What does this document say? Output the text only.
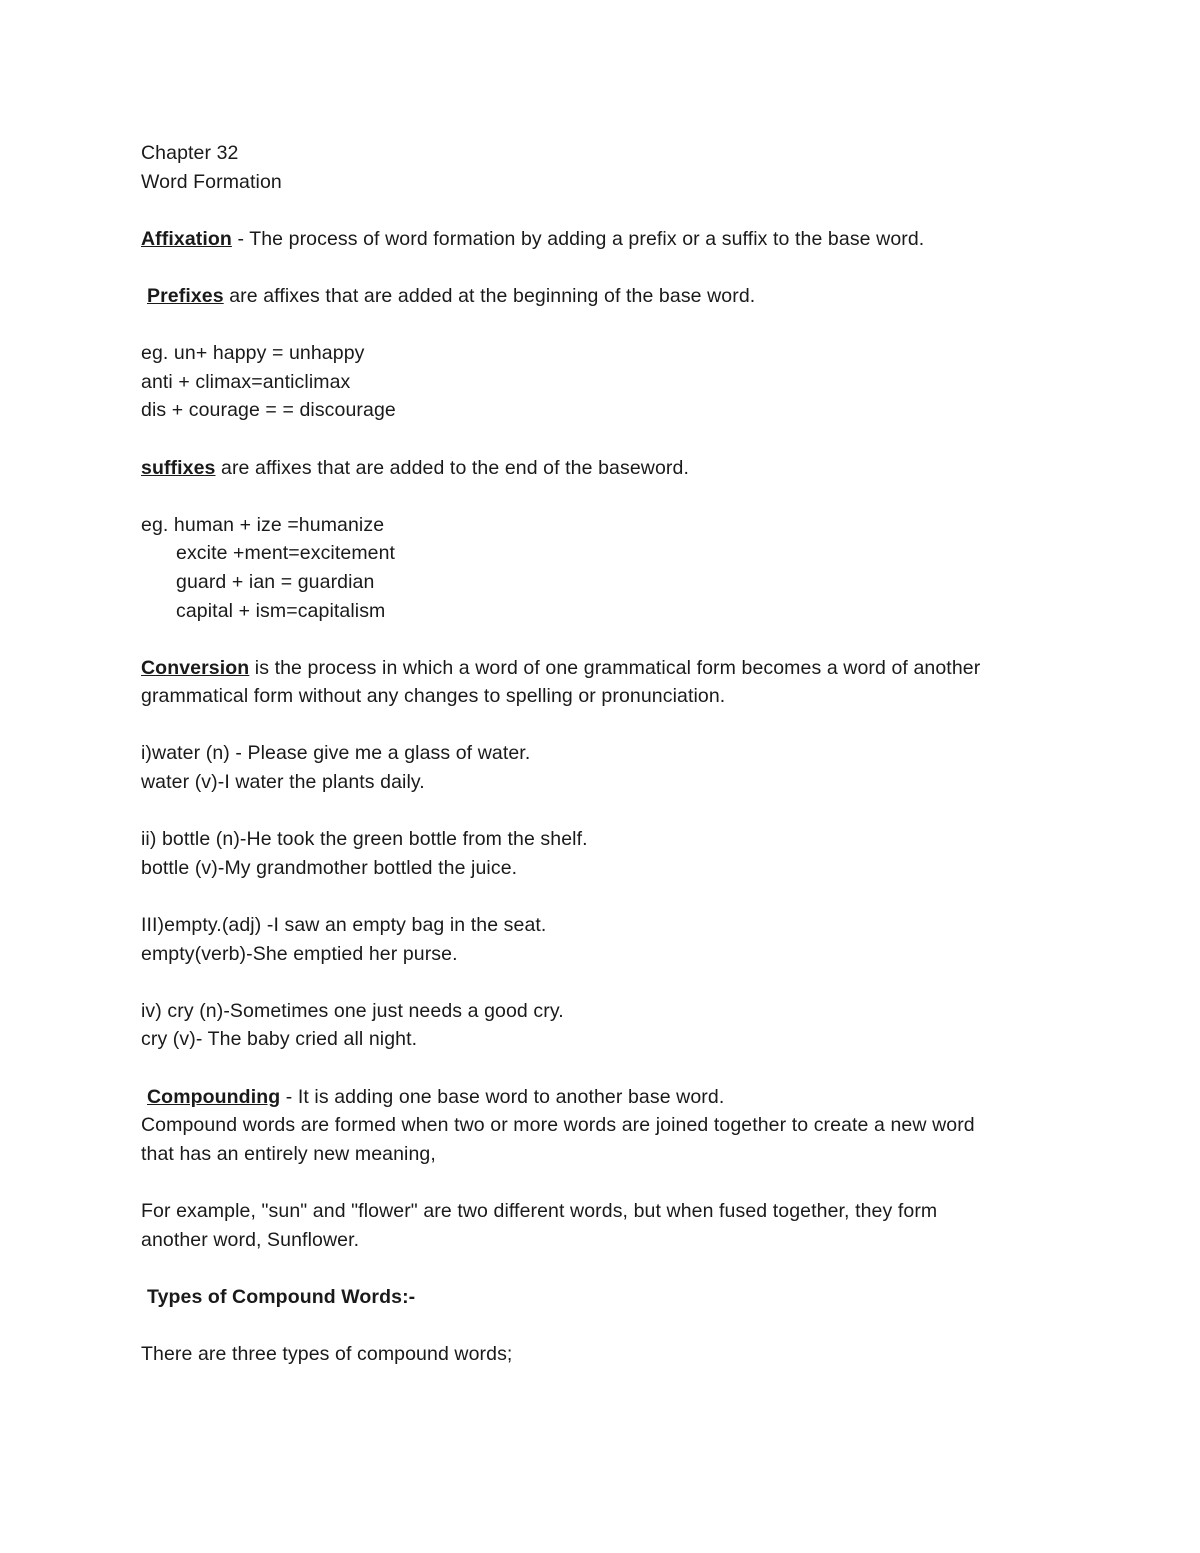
Chapter 32
Word Formation
Affixation - The process of word formation by adding a prefix or a suffix to the base word.
Prefixes are affixes that are added at the beginning of the base word.
eg. un+ happy = unhappy
anti + climax=anticlimax
dis + courage = = discourage
suffixes are affixes that are added to the end of the baseword.
eg. human + ize =humanize
excite +ment=excitement
guard + ian = guardian
capital + ism=capitalism
Conversion is the process in which a word of one grammatical form becomes a word of another
grammatical form without any changes to spelling or pronunciation.
i)water (n) - Please give me a glass of water.
water (v)-I water the plants daily.
ii) bottle (n)-He took the green bottle from the shelf.
bottle (v)-My grandmother bottled the juice.
III)empty.(adj) -I saw an empty bag in the seat.
empty(verb)-She emptied her purse.
iv) cry (n)-Sometimes one just needs a good cry.
cry (v)- The baby cried all night.
Compounding - It is adding one base word to another base word.
Compound words are formed when two or more words are joined together to create a new word
that has an entirely new meaning,
For example, "sun" and "flower" are two different words, but when fused together, they form
another word, Sunflower.
Types of Compound Words:-
There are three types of compound words;
